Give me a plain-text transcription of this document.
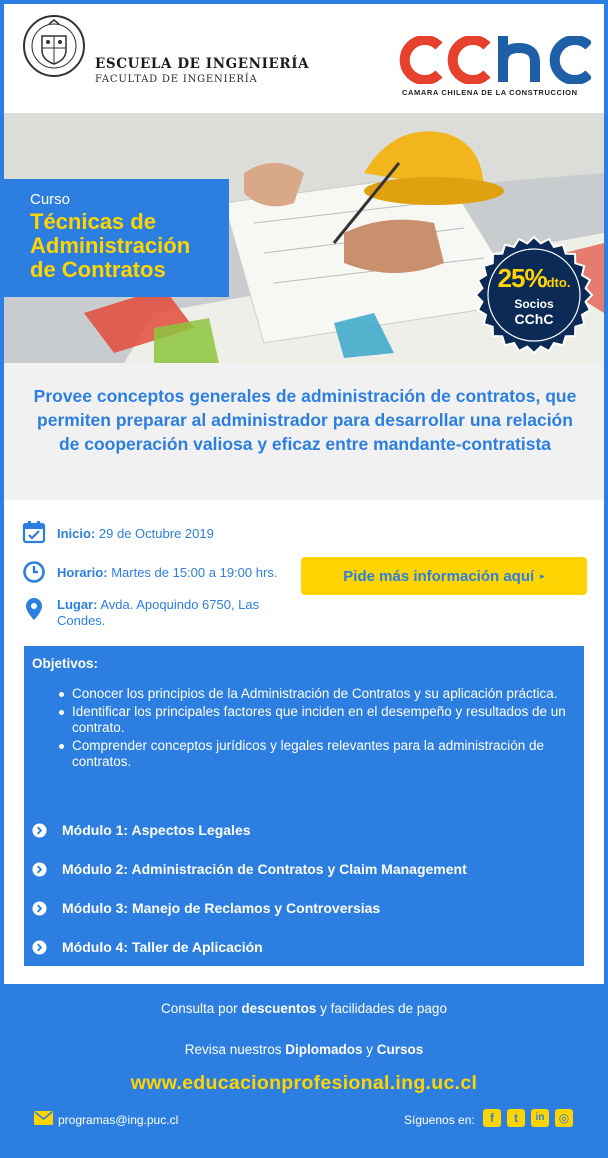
ESCUELA DE INGENIERÍA
FACULTAD DE INGENIERÍA
CAMARA CHILENA DE LA CONSTRUCCION
Curso
Técnicas de
Administración
de Contratos	25%dto.
Socios
CChC

Provee conceptos generales de administración de contratos, que permiten preparar al administrador para desarrollar una relación de cooperación valiosa y eficaz entre mandante-contratista

Inicio: 29 de Octubre 2019
Horario: Martes de 15:00 a 19:00 hrs.
Lugar: Avda. Apoquindo 6750, Las Condes.
Pide más información aquí ▸
Objetivos:
Conocer los principios de la Administración de Contratos y su aplicación práctica.
Identificar los principales factores que inciden en el desempeño y resultados de un contrato.
Comprender conceptos jurídicos y legales relevantes para la administración de contratos.
Módulo 1: Aspectos Legales
Módulo 2: Administración de Contratos y Claim Management
Módulo 3: Manejo de Reclamos y Controversias
Módulo 4: Taller de Aplicación
Consulta por descuentos y facilidades de pago
Revisa nuestros Diplomados y Cursos
www.educacionprofesional.ing.uc.cl
programas@ing.puc.cl	Síguenos en:	f	t	in	◎
